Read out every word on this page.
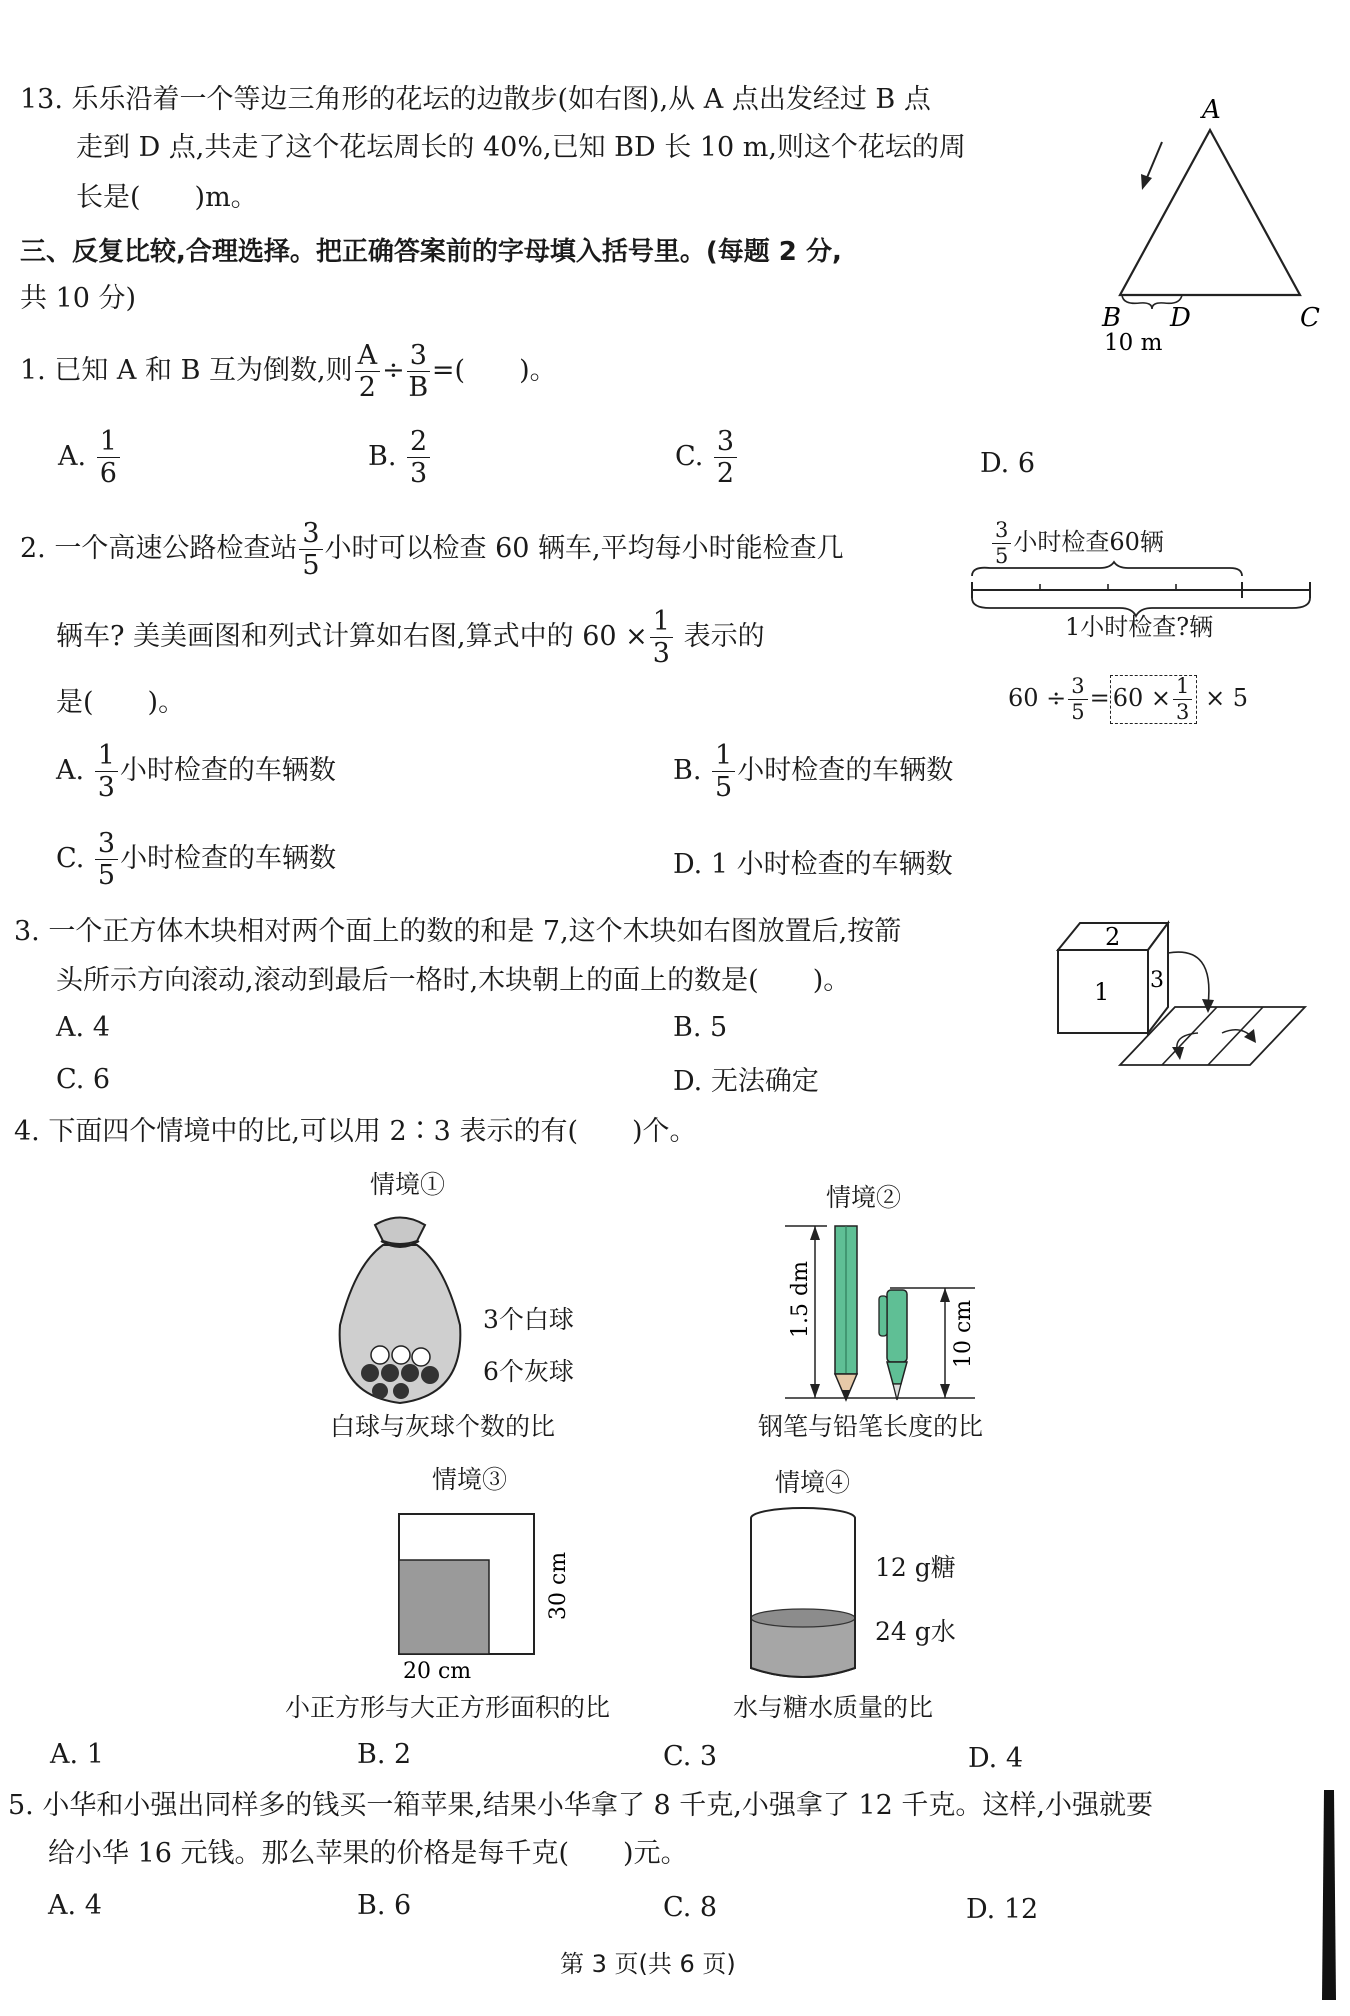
13. 乐乐沿着一个等边三角形的花坛的边散步(如右图),从 A 点出发经过 B 点
走到 D 点,共走了这个花坛周长的 40%,已知 BD 长 10 m,则这个花坛的周
长是(　　)m。
A
B D	C
10 m
三、反复比较,合理选择。把正确答案前的字母填入括号里。(每题 2 分,
共 10 分)
1. 已知 A 和 B 互为倒数,则 $\frac{A}{2} \div \frac{3}{B}$ =(　　)。
A. $\frac{1}{6}$	B. $\frac{2}{3}$	C. $\frac{3}{2}$	D. 6
2. 一个高速公路检查站 $\frac{3}{5}$ 小时可以检查 60 辆车,平均每小时能检查几
辆车? 美美画图和列式计算如右图,算式中的 $60 \times \frac{1}{3}$ 表示的
是(　　)。
$\frac{3}{5}$ 小时检查60辆
1小时检查?辆
$60 \div \frac{3}{5} = 60 \times \frac{1}{3} \times 5$
A. $\frac{1}{3}$ 小时检查的车辆数	B. $\frac{1}{5}$ 小时检查的车辆数
C. $\frac{3}{5}$ 小时检查的车辆数	D. 1 小时检查的车辆数
3. 一个正方体木块相对两个面上的数的和是 7,这个木块如右图放置后,按箭
头所示方向滚动,滚动到最后一格时,木块朝上的面上的数是(　　)。
A. 4	B. 5
C. 6	D. 无法确定
2
1 3
4. 下面四个情境中的比,可以用 2∶3 表示的有(　　)个。
情境①
3个白球
6个灰球
白球与灰球个数的比
情境②
1.5 dm	10 cm
钢笔与铅笔长度的比
情境③
30 cm
20 cm
小正方形与大正方形面积的比
情境④
12 g糖
24 g水
水与糖水质量的比
A. 1	B. 2	C. 3	D. 4
5. 小华和小强出同样多的钱买一箱苹果,结果小华拿了 8 千克,小强拿了 12 千克。这样,小强就要
给小华 16 元钱。那么苹果的价格是每千克(　　)元。
A. 4	B. 6	C. 8	D. 12
第 3 页(共 6 页)
